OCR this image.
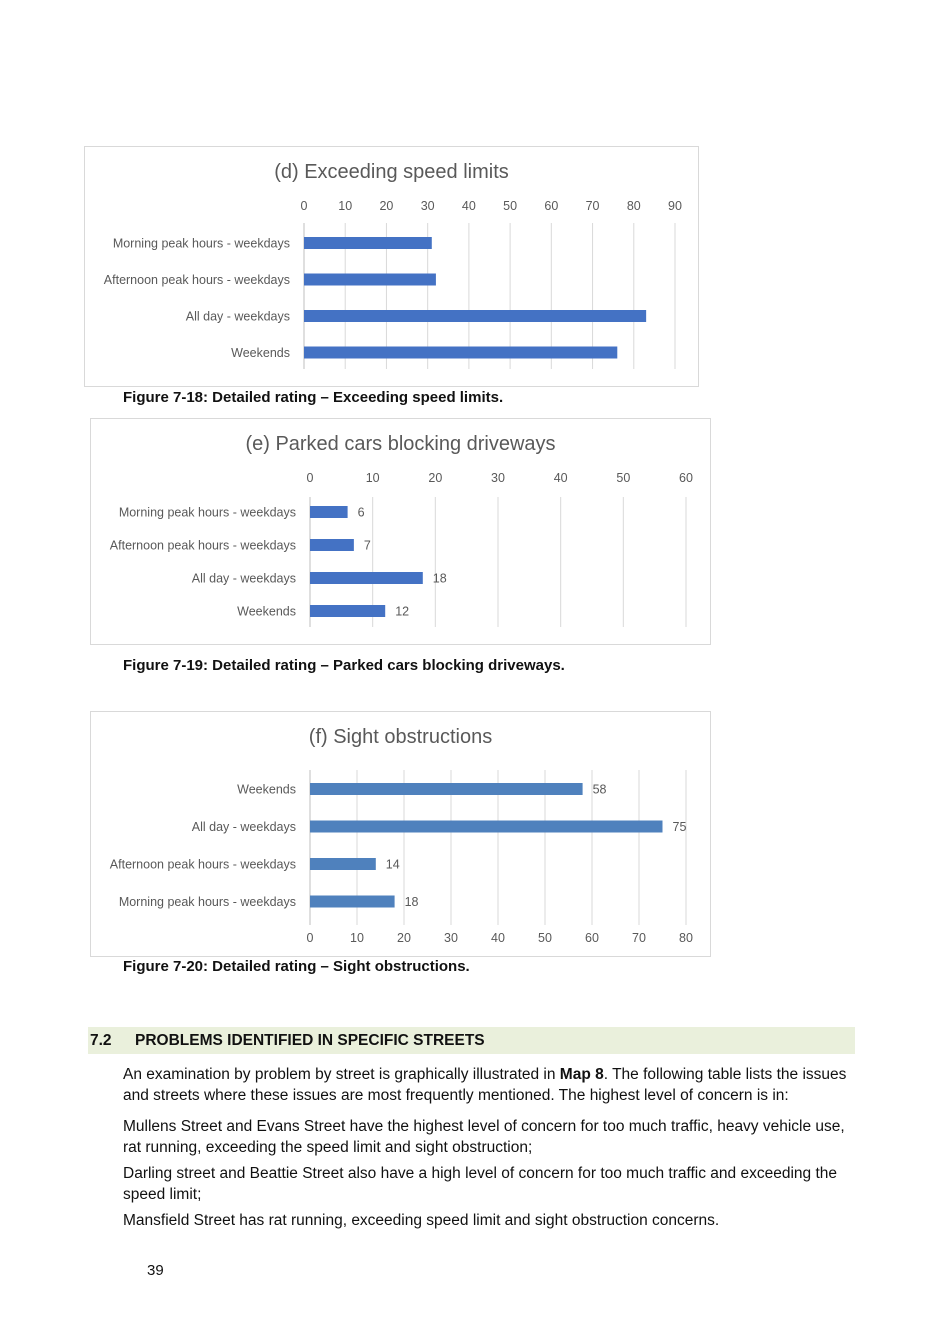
(d) Exceeding speed limits
0 10 20 30 40 50 60 70 80 90
Morning peak hours - weekdays
Afternoon peak hours - weekdays
All day - weekdays
Weekends
Figure 7-18: Detailed rating – Exceeding speed limits.
(e) Parked cars blocking driveways
0	10	20	30	40	50	60
Morning peak hours - weekdays	6
Afternoon peak hours - weekdays	7
All day - weekdays	18
Weekends	12
Figure 7-19: Detailed rating – Parked cars blocking driveways.
(f) Sight obstructions
0	10	20	30	40	50	60	70	80
Weekends	58
All day - weekdays	75
Afternoon peak hours - weekdays	14
Morning peak hours - weekdays	18
Figure 7-20: Detailed rating – Sight obstructions.
7.2 PROBLEMS IDENTIFIED IN SPECIFIC STREETS
An examination by problem by street is graphically illustrated in Map 8. The following table lists the issues and streets where these issues are most frequently mentioned. The highest level of concern is in:
Mullens Street and Evans Street have the highest level of concern for too much traffic, heavy vehicle use, rat running, exceeding the speed limit and sight obstruction;
Darling street and Beattie Street also have a high level of concern for too much traffic and exceeding the speed limit;
Mansfield Street has rat running, exceeding speed limit and sight obstruction concerns.
39
